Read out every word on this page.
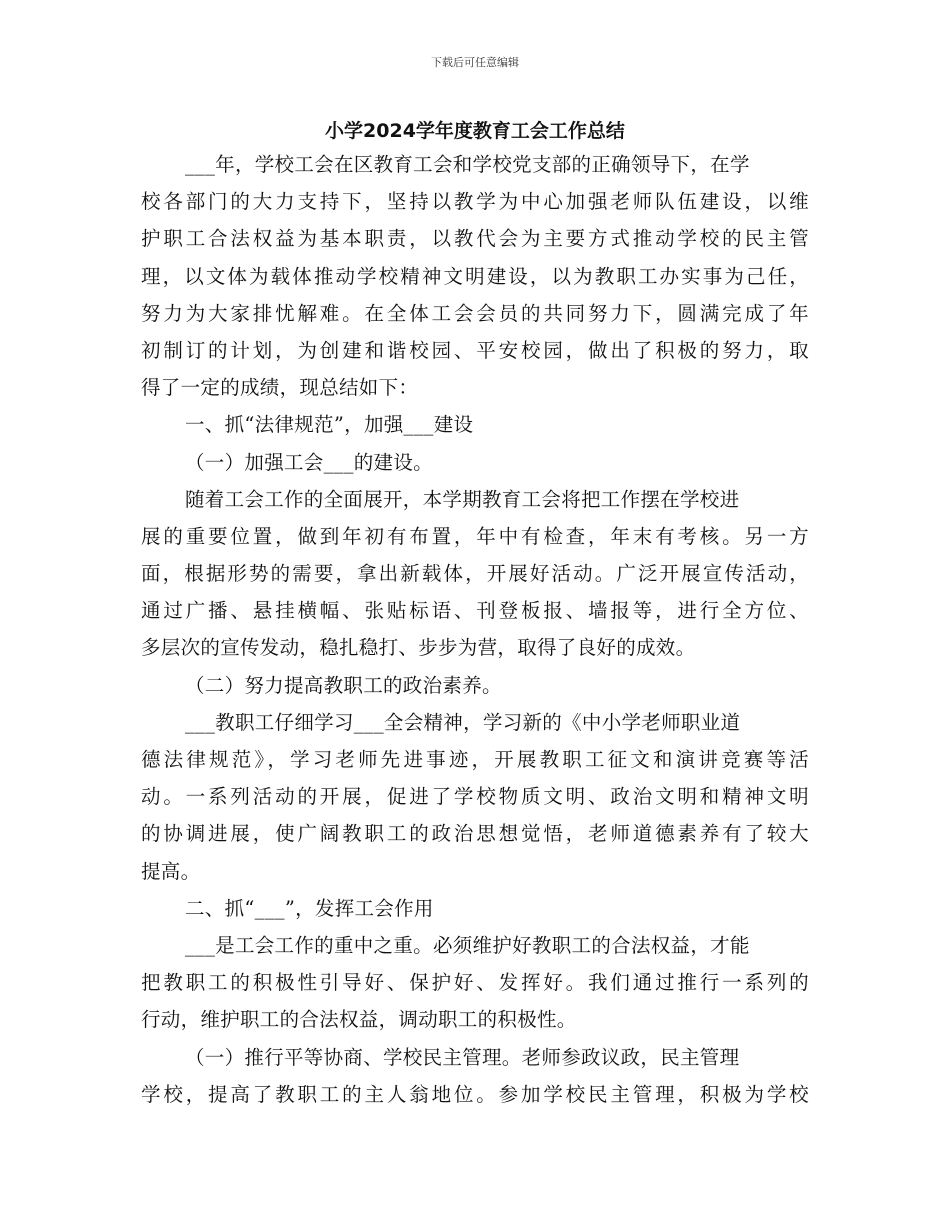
下载后可任意编辑
小学2024学年度教育工会工作总结
___年，学校工会在区教育工会和学校党支部的正确领导下，在学
校各部门的大力支持下，坚持以教学为中心加强老师队伍建设，以维
护职工合法权益为基本职责，以教代会为主要方式推动学校的民主管
理，以文体为载体推动学校精神文明建设，以为教职工办实事为己任，
努力为大家排忧解难。在全体工会会员的共同努力下，圆满完成了年
初制订的计划，为创建和谐校园、平安校园，做出了积极的努力，取
得了一定的成绩，现总结如下：
一、抓“法律规范”，加强___建设
（一）加强工会___的建设。
随着工会工作的全面展开，本学期教育工会将把工作摆在学校进
展的重要位置，做到年初有布置，年中有检查，年末有考核。另一方
面，根据形势的需要，拿出新载体，开展好活动。广泛开展宣传活动，
通过广播、悬挂横幅、张贴标语、刊登板报、墙报等，进行全方位、
多层次的宣传发动，稳扎稳打、步步为营，取得了良好的成效。
（二）努力提高教职工的政治素养。
___教职工仔细学习___全会精神，学习新的《中小学老师职业道
德法律规范》，学习老师先进事迹，开展教职工征文和演讲竞赛等活
动。一系列活动的开展，促进了学校物质文明、政治文明和精神文明
的协调进展，使广阔教职工的政治思想觉悟，老师道德素养有了较大
提高。
二、抓“___”，发挥工会作用
___是工会工作的重中之重。必须维护好教职工的合法权益，才能
把教职工的积极性引导好、保护好、发挥好。我们通过推行一系列的
行动，维护职工的合法权益，调动职工的积极性。
（一）推行平等协商、学校民主管理。老师参政议政，民主管理
学校，提高了教职工的主人翁地位。参加学校民主管理，积极为学校
